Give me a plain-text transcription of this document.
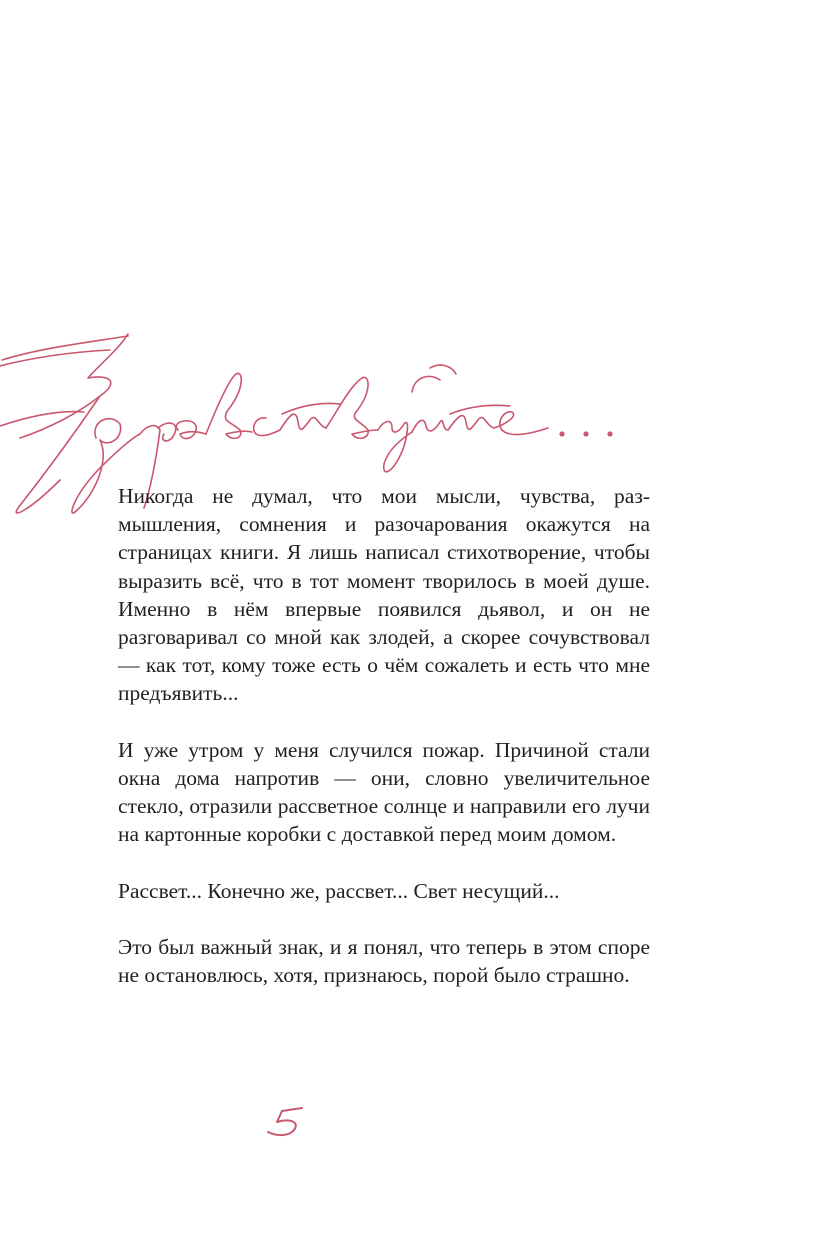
Никогда не думал, что мои мысли, чувства, размышления, сомнения и разочарования окажутся на страницах книги. Я лишь написал стихотворение, чтобы выразить всё, что в тот момент творилось в моей душе. Именно в нём впервые появился дьявол, и он не разговаривал со мной как злодей, а скорее сочувствовал — как тот, кому тоже есть о чём сожалеть и есть что мне предъявить...

И уже утром у меня случился пожар. Причиной стали окна дома напротив — они, словно увеличительное стекло, отразили рассветное солнце и направили его лучи на картонные коробки с доставкой перед моим домом.

Рассвет... Конечно же, рассвет... Свет несущий...

Это был важный знак, и я понял, что теперь в этом споре не остановлюсь, хотя, признаюсь, порой было страшно.
